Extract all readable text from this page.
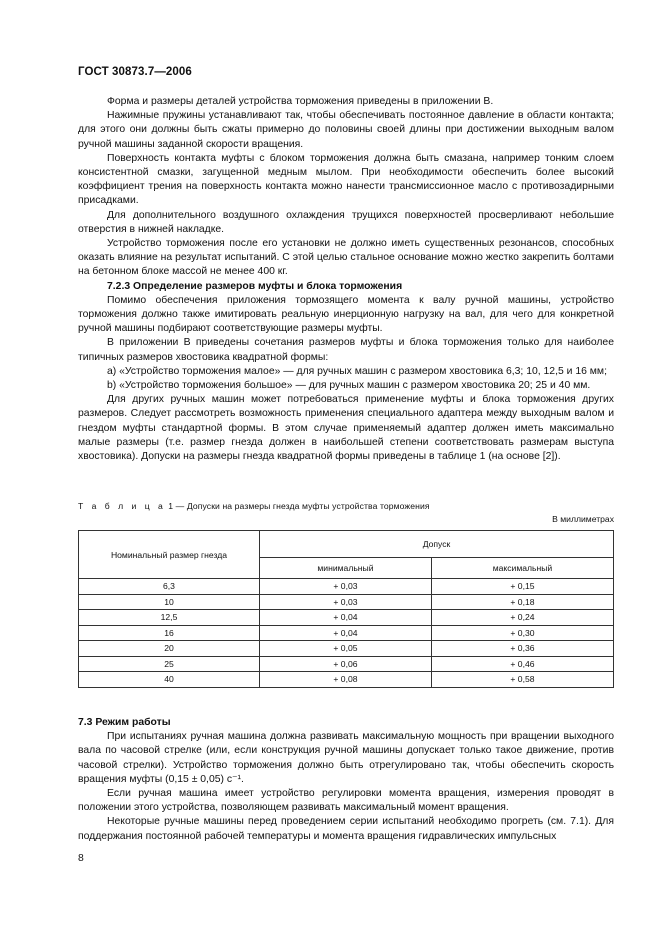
ГОСТ 30873.7—2006

Форма и размеры деталей устройства торможения приведены в приложении В.

Нажимные пружины устанавливают так, чтобы обеспечивать постоянное давление в области контакта; для этого они должны быть сжаты примерно до половины своей длины при достижении выходным валом ручной машины заданной скорости вращения.

Поверхность контакта муфты с блоком торможения должна быть смазана, например тонким слоем консистентной смазки, загущенной медным мылом. При необходимости обеспечить более высокий коэффициент трения на поверхность контакта можно нанести трансмиссионное масло с противозадирными присадками.

Для дополнительного воздушного охлаждения трущихся поверхностей просверливают небольшие отверстия в нижней накладке.

Устройство торможения после его установки не должно иметь существенных резонансов, способных оказать влияние на результат испытаний. С этой целью стальное основание можно жестко закрепить болтами на бетонном блоке массой не менее 400 кг.

7.2.3 Определение размеров муфты и блока торможения

Помимо обеспечения приложения тормозящего момента к валу ручной машины, устройство торможения должно также имитировать реальную инерционную нагрузку на вал, для чего для конкретной ручной машины подбирают соответствующие размеры муфты.

В приложении В приведены сочетания размеров муфты и блока торможения только для наиболее типичных размеров хвостовика квадратной формы:

a) «Устройство торможения малое» — для ручных машин с размером хвостовика 6,3; 10, 12,5 и 16 мм;

b) «Устройство торможения большое» — для ручных машин с размером хвостовика 20; 25 и 40 мм.

Для других ручных машин может потребоваться применение муфты и блока торможения других размеров. Следует рассмотреть возможность применения специального адаптера между выходным валом и гнездом муфты стандартной формы. В этом случае применяемый адаптер должен иметь максимально малые размеры (т.е. размер гнезда должен в наибольшей степени соответствовать размерам выступа хвостовика). Допуски на размеры гнезда квадратной формы приведены в таблице 1 (на основе [2]).

Т а б л и ц а 1 — Допуски на размеры гнезда муфты устройства торможения
В миллиметрах
Номинальный размер гнезда	Допуск	
	минимальный	максимальный
6,3	+ 0,03	+ 0,15
10	+ 0,03	+ 0,18
12,5	+ 0,04	+ 0,24
16	+ 0,04	+ 0,30
20	+ 0,05	+ 0,36
25	+ 0,06	+ 0,46
40	+ 0,08	+ 0,58
7.3 Режим работы

При испытаниях ручная машина должна развивать максимальную мощность при вращении выходного вала по часовой стрелке (или, если конструкция ручной машины допускает только такое движение, против часовой стрелки). Устройство торможения должно быть отрегулировано так, чтобы обеспечить скорость вращения муфты (0,15 ± 0,05) с⁻¹.

Если ручная машина имеет устройство регулировки момента вращения, измерения проводят в положении этого устройства, позволяющем развивать максимальный момент вращения.

Некоторые ручные машины перед проведением серии испытаний необходимо прогреть (см. 7.1). Для поддержания постоянной рабочей температуры и момента вращения гидравлических импульсных

8
